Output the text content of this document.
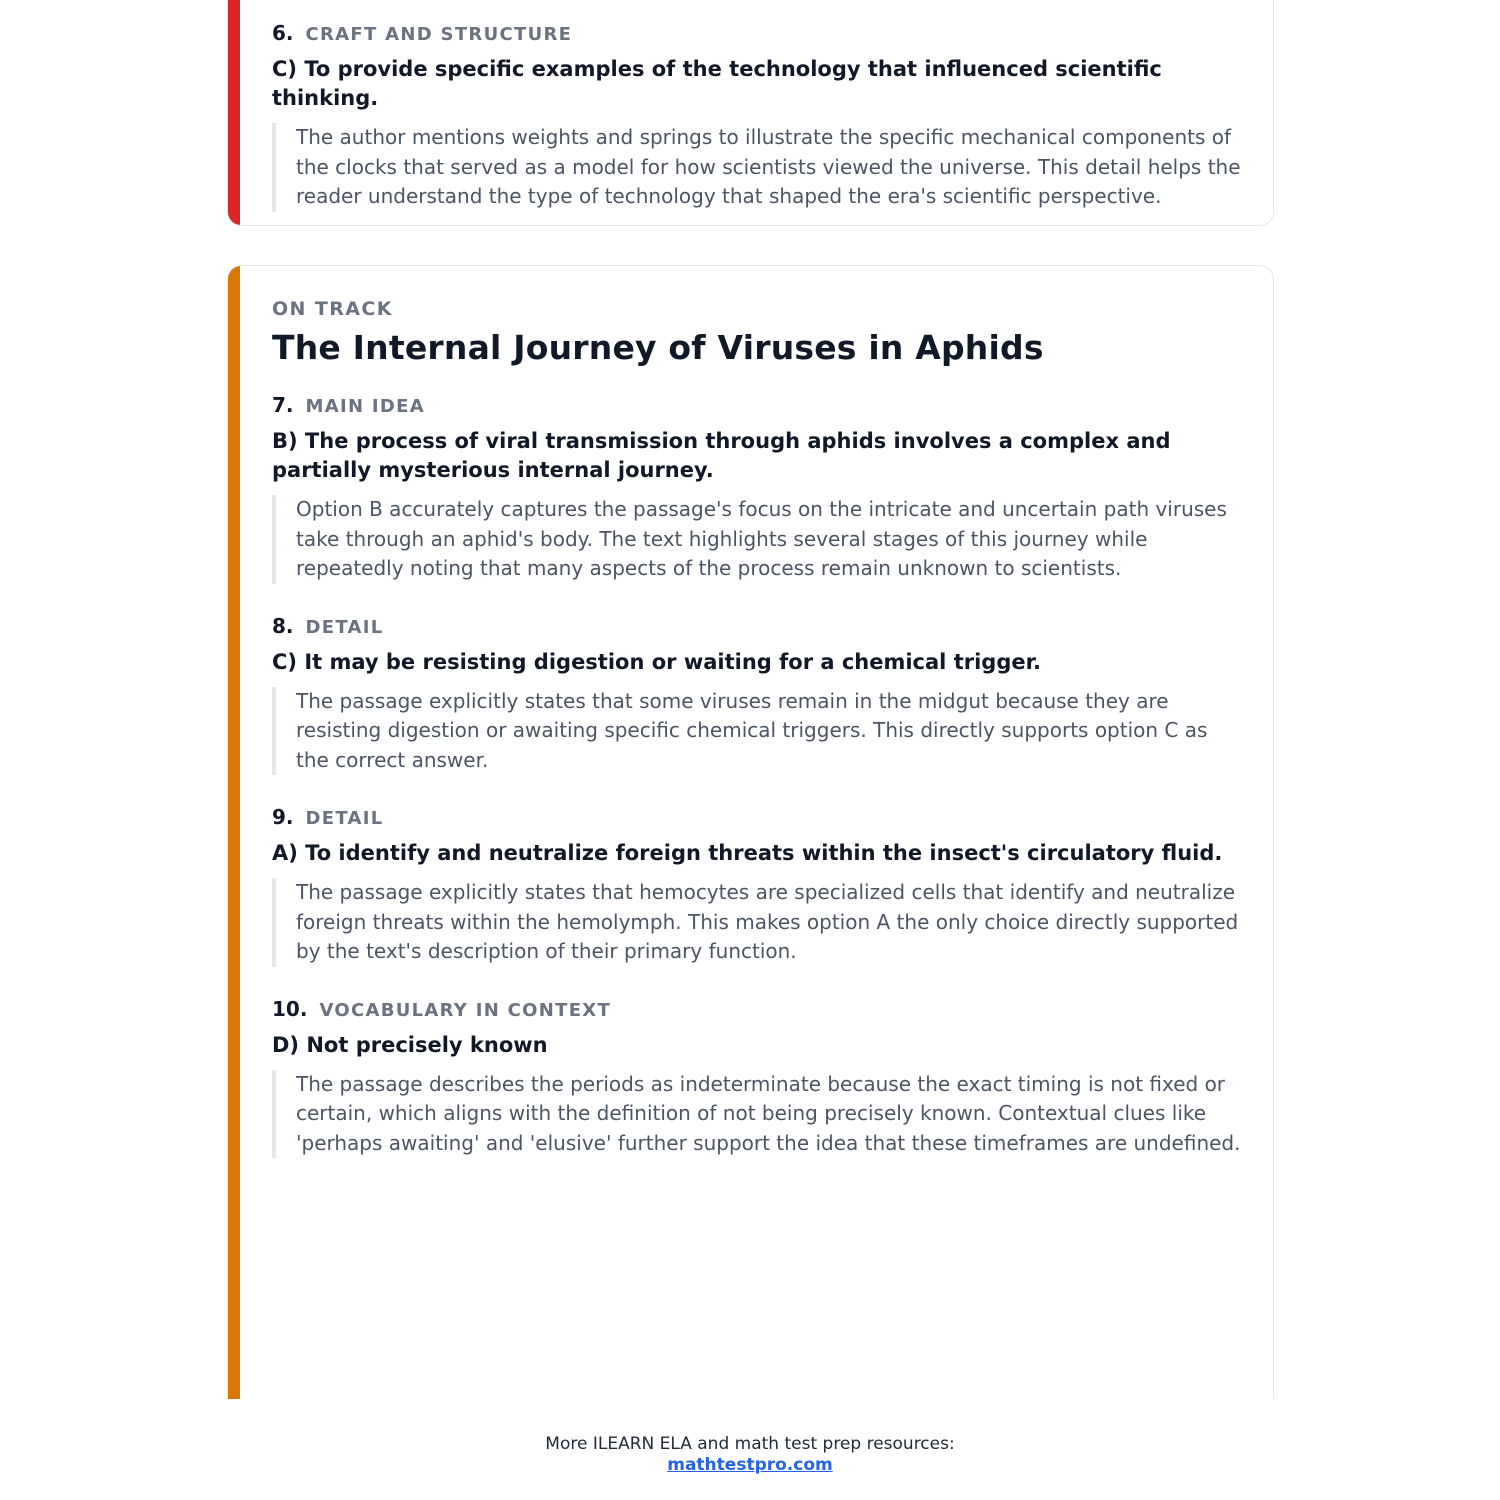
6. CRAFT AND STRUCTURE
C) To provide specific examples of the technology that influenced scientific thinking.
The author mentions weights and springs to illustrate the specific mechanical components of the clocks that served as a model for how scientists viewed the universe. This detail helps the reader understand the type of technology that shaped the era's scientific perspective.
ON TRACK
The Internal Journey of Viruses in Aphids
7. MAIN IDEA
B) The process of viral transmission through aphids involves a complex and partially mysterious internal journey.
Option B accurately captures the passage's focus on the intricate and uncertain path viruses take through an aphid's body. The text highlights several stages of this journey while repeatedly noting that many aspects of the process remain unknown to scientists.
8. DETAIL
C) It may be resisting digestion or waiting for a chemical trigger.
The passage explicitly states that some viruses remain in the midgut because they are resisting digestion or awaiting specific chemical triggers. This directly supports option C as the correct answer.
9. DETAIL
A) To identify and neutralize foreign threats within the insect's circulatory fluid.
The passage explicitly states that hemocytes are specialized cells that identify and neutralize foreign threats within the hemolymph. This makes option A the only choice directly supported by the text's description of their primary function.
10. VOCABULARY IN CONTEXT
D) Not precisely known
The passage describes the periods as indeterminate because the exact timing is not fixed or certain, which aligns with the definition of not being precisely known. Contextual clues like 'perhaps awaiting' and 'elusive' further support the idea that these timeframes are undefined.
More ILEARN ELA and math test prep resources:
mathtestpro.com
